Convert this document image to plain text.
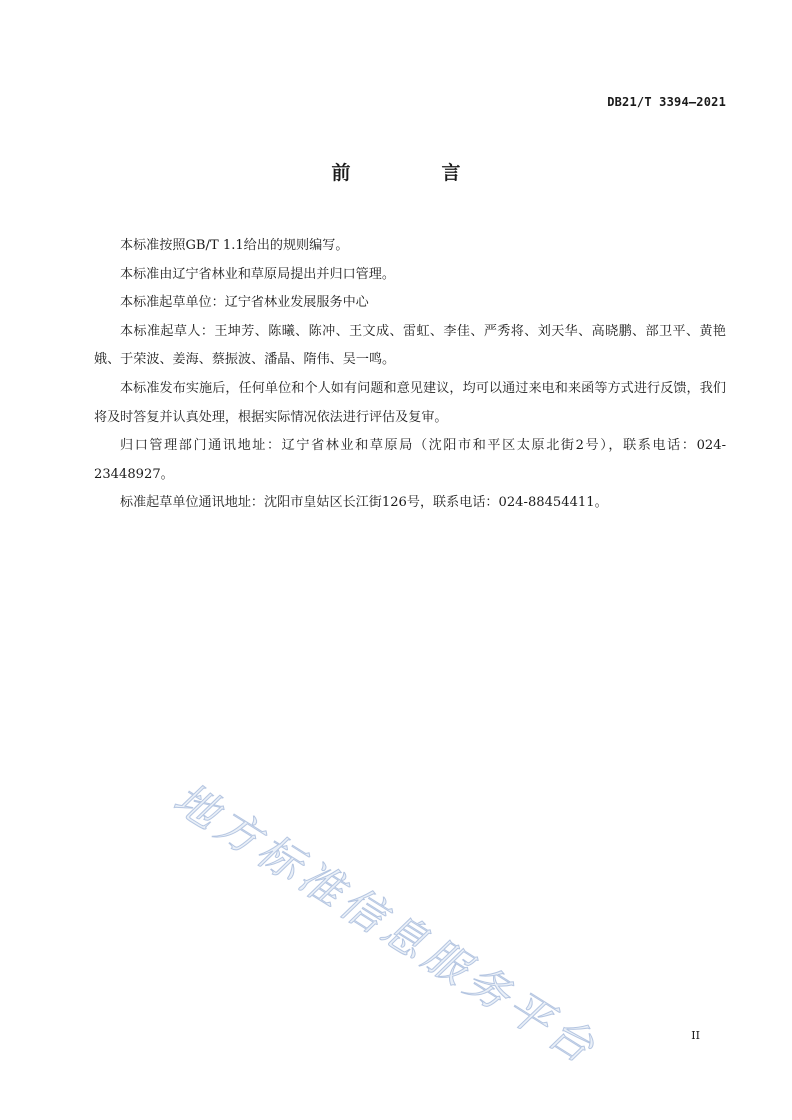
DB21/T 3394—2021
前　言

本标准按照GB/T 1.1给出的规则编写。

本标准由辽宁省林业和草原局提出并归口管理。

本标准起草单位：辽宁省林业发展服务中心

本标准起草人：王坤芳、陈曦、陈冲、王文成、雷虹、李佳、严秀将、刘天华、高晓鹏、部卫平、黄艳娥、于荣波、姜海、蔡振波、潘晶、隋伟、吴一鸣。

本标准发布实施后，任何单位和个人如有问题和意见建议，均可以通过来电和来函等方式进行反馈，我们将及时答复并认真处理，根据实际情况依法进行评估及复审。

归口管理部门通讯地址：辽宁省林业和草原局（沈阳市和平区太原北街2号），联系电话：024-23448927。

标准起草单位通讯地址：沈阳市皇姑区长江街126号，联系电话：024-88454411。

地方标准信息服务平台	II
